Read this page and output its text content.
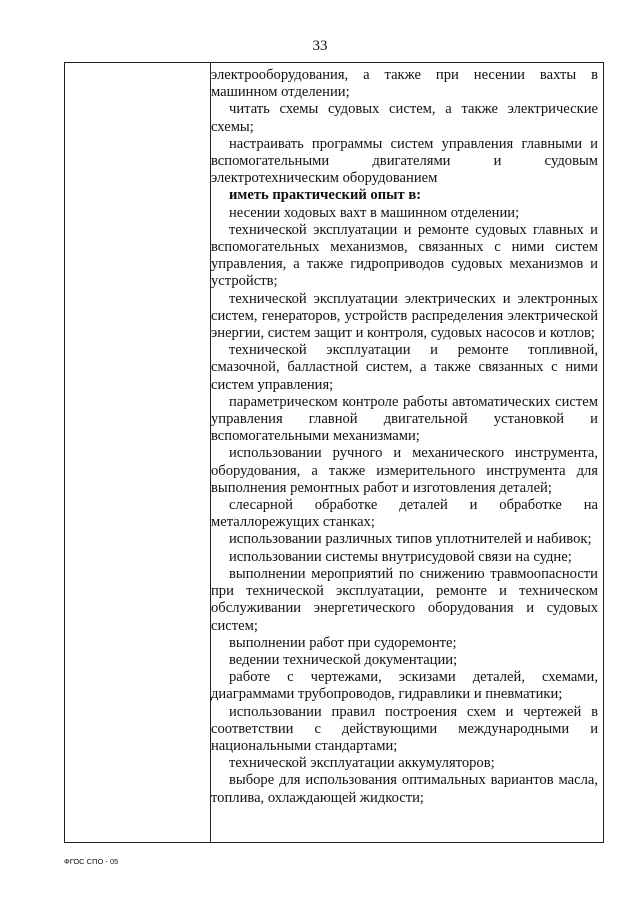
33

электрооборудования, а также при несении вахты в машинном отделении;

читать схемы судовых систем, а также электрические схемы;

настраивать программы систем управления главными и вспомогательными двигателями и судовым электротехническим оборудованием

иметь практический опыт в:

несении ходовых вахт в машинном отделении;

технической эксплуатации и ремонте судовых главных и вспомогательных механизмов, связанных с ними систем управления, а также гидроприводов судовых механизмов и устройств;

технической эксплуатации электрических и электронных систем, генераторов, устройств распределения электрической энергии, систем защит и контроля, судовых насосов и котлов;

технической эксплуатации и ремонте топливной, смазочной, балластной систем, а также связанных с ними систем управления;

параметрическом контроле работы автоматических систем управления главной двигательной установкой и вспомогательными механизмами;

использовании ручного и механического инструмента, оборудования, а также измерительного инструмента для выполнения ремонтных работ и изготовления деталей;

слесарной обработке деталей и обработке на металлорежущих станках;

использовании различных типов уплотнителей и набивок;

использовании системы внутрисудовой связи на судне;

выполнении мероприятий по снижению травмоопасности при технической эксплуатации, ремонте и техническом обслуживании энергетического оборудования и судовых систем;

выполнении работ при судоремонте;

ведении технической документации;

работе с чертежами, эскизами деталей, схемами, диаграммами трубопроводов, гидравлики и пневматики;

использовании правил построения схем и чертежей в соответствии с действующими международными и национальными стандартами;

технической эксплуатации аккумуляторов;

выборе для использования оптимальных вариантов масла, топлива, охлаждающей жидкости;

ФГОС СПО - 05
